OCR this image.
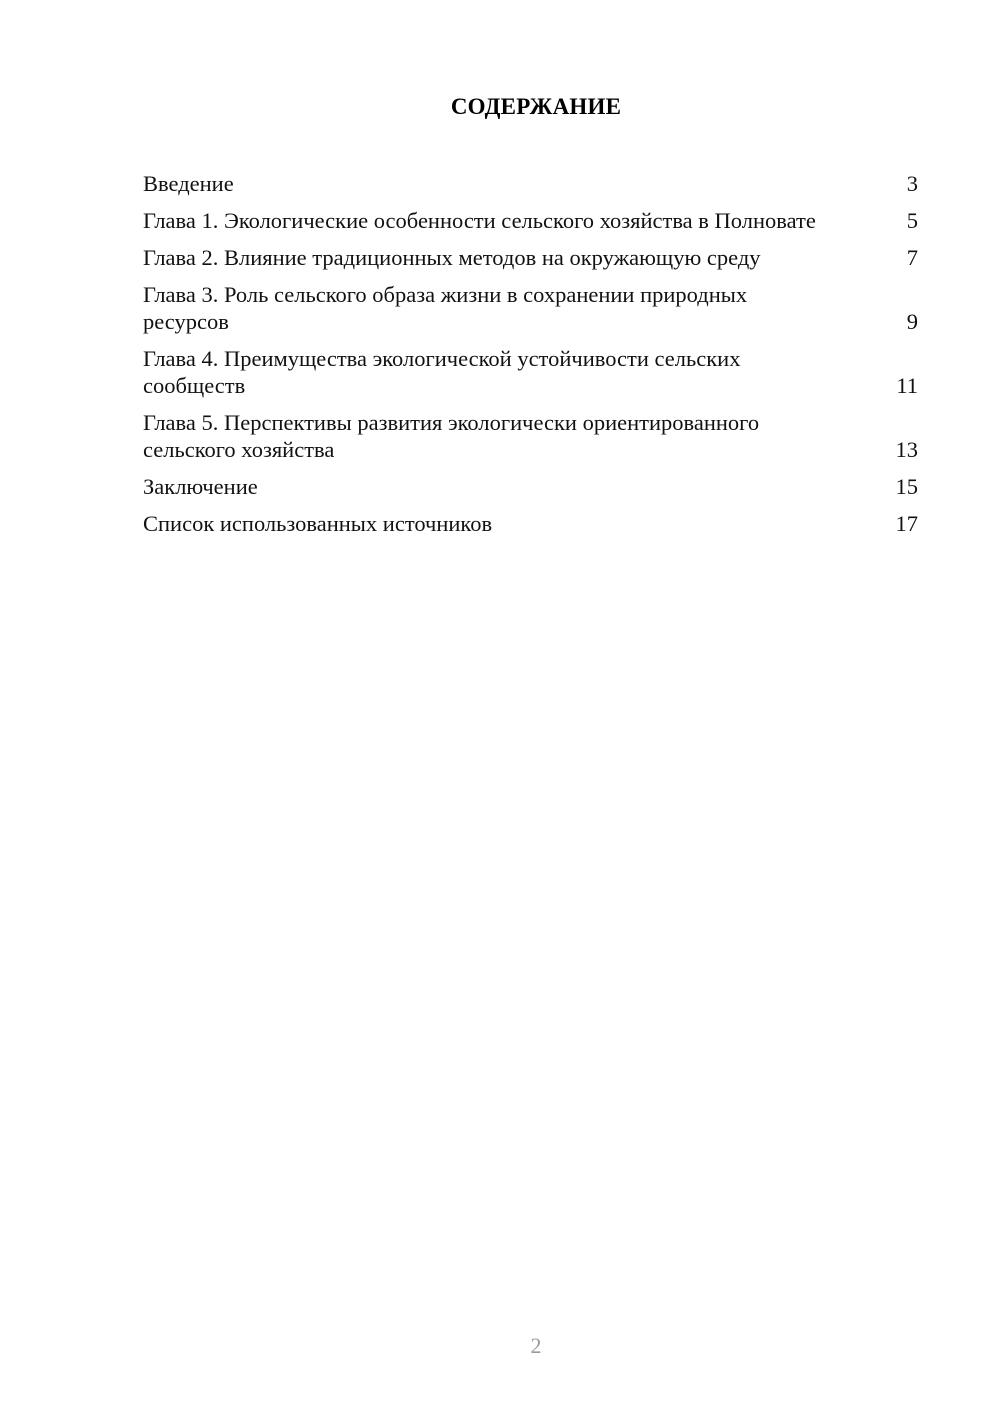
СОДЕРЖАНИЕ
Введение	3
Глава 1. Экологические особенности сельского хозяйства в Полновате	5
Глава 2. Влияние традиционных методов на окружающую среду	7
Глава 3. Роль сельского образа жизни в сохранении природных ресурсов	9
Глава 4. Преимущества экологической устойчивости сельских сообществ	11
Глава 5. Перспективы развития экологически ориентированного сельского хозяйства	13
Заключение	15
Список использованных источников	17
2
